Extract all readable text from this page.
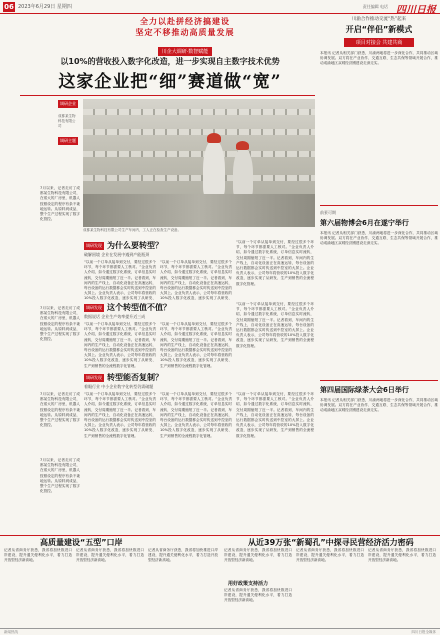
06 2023年6月29日 星期四	责任编辑 电话 四川日报
全力以赴拼经济搞建设
坚定不移推动高质量发展
川企大调研·数智赋能
以10%的营收投入数字化改造，进一步实现自主数字技术优势
这家企业把“细”赛道做“宽”
调研企业
成都某生物科技有限公司
调研主题
成都某生物科技有限公司生产车间内，工人正在检查生产设备。
7月以来，记者走访了成都某生物科技有限公司，在偌大的厂房里，机器人按照设定的程序有条不紊地运转。从原料到成品，整个生产过程实现了数字化管控。
调研发现 为什么要转型？
破解困境 企业在发展中遇到产能瓶颈
“以前一个订单从接单到交付，要经过很多个环节，每个环节都需要人工核对。”企业负责人介绍，如今通过数字化系统，订单信息实时流转，交付周期缩短了近一半。记者看到，车间内的生产线上，自动化设备正在高速运转，每台设备的运行数据都会实时传送到中控室的大屏上。企业负责人表示，公司每年将营收的10%投入数字化改造，逐步实现了从研发、
“以前一个订单从接单到交付，要经过很多个环节，每个环节都需要人工核对。”企业负责人介绍，如今通过数字化系统，订单信息实时流转，交付周期缩短了近一半。记者看到，车间内的生产线上，自动化设备正在高速运转，每台设备的运行数据都会实时传送到中控室的大屏上。企业负责人表示，公司每年将营收的10%投入数字化改造，逐步实现了从研发、
“以前一个订单从接单到交付，要经过很多个环节，每个环节都需要人工核对。”企业负责人介绍，如今通过数字化系统，订单信息实时流转，交付周期缩短了近一半。记者看到，车间内的生产线上，自动化设备正在高速运转，每台设备的运行数据都会实时传送到中控室的大屏上。企业负责人表示，公司每年将营收的10%投入数字化改造，逐步实现了从研发、生产到销售的全流程数字化管理。
7月以来，记者走访了成都某生物科技有限公司，在偌大的厂房里，机器人按照设定的程序有条不紊地运转。从原料到成品，整个生产过程实现了数字化管控。
调研发现 这个转型值不值？
数据说话 企业生产效率提升近三成
“以前一个订单从接单到交付，要经过很多个环节，每个环节都需要人工核对。”企业负责人介绍，如今通过数字化系统，订单信息实时流转，交付周期缩短了近一半。记者看到，车间内的生产线上，自动化设备正在高速运转，每台设备的运行数据都会实时传送到中控室的大屏上。企业负责人表示，公司每年将营收的10%投入数字化改造，逐步实现了从研发、生产到销售的全流程数字化管理。
“以前一个订单从接单到交付，要经过很多个环节，每个环节都需要人工核对。”企业负责人介绍，如今通过数字化系统，订单信息实时流转，交付周期缩短了近一半。记者看到，车间内的生产线上，自动化设备正在高速运转，每台设备的运行数据都会实时传送到中控室的大屏上。企业负责人表示，公司每年将营收的10%投入数字化改造，逐步实现了从研发、生产到销售的全流程数字化管理。
“以前一个订单从接单到交付，要经过很多个环节，每个环节都需要人工核对。”企业负责人介绍，如今通过数字化系统，订单信息实时流转，交付周期缩短了近一半。记者看到，车间内的生产线上，自动化设备正在高速运转，每台设备的运行数据都会实时传送到中控室的大屏上。企业负责人表示，公司每年将营收的10%投入数字化改造，逐步实现了从研发、生产到销售的全流程数字化管理。
7月以来，记者走访了成都某生物科技有限公司，在偌大的厂房里，机器人按照设定的程序有条不紊地运转。从原料到成品，整个生产过程实现了数字化管控。
调研发现 转型能否复制？
着眼行业 中小企业数字化转型仍需破题
“以前一个订单从接单到交付，要经过很多个环节，每个环节都需要人工核对。”企业负责人介绍，如今通过数字化系统，订单信息实时流转，交付周期缩短了近一半。记者看到，车间内的生产线上，自动化设备正在高速运转，每台设备的运行数据都会实时传送到中控室的大屏上。企业负责人表示，公司每年将营收的10%投入数字化改造，逐步实现了从研发、生产到销售的全流程数字化管理。
“以前一个订单从接单到交付，要经过很多个环节，每个环节都需要人工核对。”企业负责人介绍，如今通过数字化系统，订单信息实时流转，交付周期缩短了近一半。记者看到，车间内的生产线上，自动化设备正在高速运转，每台设备的运行数据都会实时传送到中控室的大屏上。企业负责人表示，公司每年将营收的10%投入数字化改造，逐步实现了从研发、生产到销售的全流程数字化管理。
“以前一个订单从接单到交付，要经过很多个环节，每个环节都需要人工核对。”企业负责人介绍，如今通过数字化系统，订单信息实时流转，交付周期缩短了近一半。记者看到，车间内的生产线上，自动化设备正在高速运转，每台设备的运行数据都会实时传送到中控室的大屏上。企业负责人表示，公司每年将营收的10%投入数字化改造，逐步实现了从研发、生产到销售的全流程数字化管理。
7月以来，记者走访了成都某生物科技有限公司，在偌大的厂房里，机器人按照设定的程序有条不紊地运转。从原料到成品，整个生产过程实现了数字化管控。
川渝合作推动交流“热”起来
开启“伴侣”新模式
项目对接会 共建共商
本报讯 记者从相关部门获悉，川渝两地将进一步深化合作，共同推动区域协调发展。双方将在产业协作、交通互联、生态共保等领域开展合作，推动成渝地区双城经济圈建设走深走实。
前景可期
第六届物博会6月在遂宁举行
本报讯 记者从相关部门获悉，川渝两地将进一步深化合作，共同推动区域协调发展。双方将在产业协作、交通互联、生态共保等领域开展合作，推动成渝地区双城经济圈建设走深走实。
第四届国际绿茶大会6日举行
本报讯 记者从相关部门获悉，川渝两地将进一步深化合作，共同推动区域协调发展。双方将在产业协作、交通互联、生态共保等领域开展合作，推动成渝地区双城经济圈建设走深走实。
高质量建设“五型”口岸	从近39万张“新蜀孔”中探寻民营经济活力密码
记者从省商务厅获悉，我省将加快推进口岸建设，提升通关便利化水平，着力打造开放型经济新高地。
记者从省商务厅获悉，我省将加快推进口岸建设，提升通关便利化水平，着力打造开放型经济新高地。
记者从省商务厅获悉，我省将加快推进口岸建设，提升通关便利化水平，着力打造开放型经济新高地。
记者从省商务厅获悉，我省将加快推进口岸建设，提升通关便利化水平，着力打造开放型经济新高地。
用好政策支持活力
记者从省商务厅获悉，我省将加快推进口岸建设，提升通关便利化水平，着力打造开放型经济新高地。
记者从省商务厅获悉，我省将加快推进口岸建设，提升通关便利化水平，着力打造开放型经济新高地。
记者从省商务厅获悉，我省将加快推进口岸建设，提升通关便利化水平，着力打造开放型经济新高地。
新闻热线	四川日报全媒体
